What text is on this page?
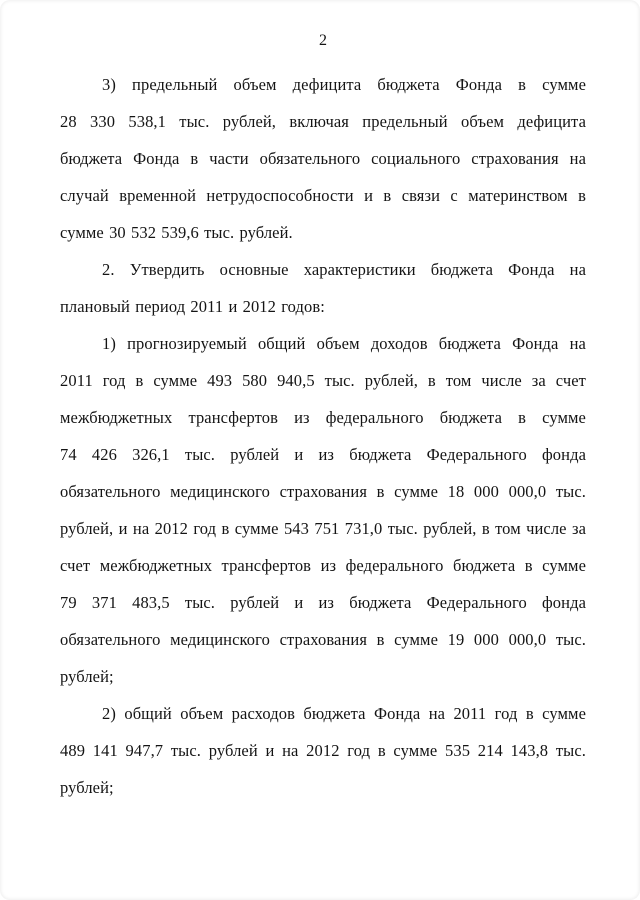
2

3) предельный объем дефицита бюджета Фонда в сумме 28 330 538,1 тыс. рублей, включая предельный объем дефицита бюджета Фонда в части обязательного социального страхования на случай временной нетрудоспособности и в связи с материнством в сумме 30 532 539,6 тыс. рублей.

2. Утвердить основные характеристики бюджета Фонда на плановый период 2011 и 2012 годов:

1) прогнозируемый общий объем доходов бюджета Фонда на 2011 год в сумме 493 580 940,5 тыс. рублей, в том числе за счет межбюджетных трансфертов из федерального бюджета в сумме 74 426 326,1 тыс. рублей и из бюджета Федерального фонда обязательного медицинского страхования в сумме 18 000 000,0 тыс. рублей, и на 2012 год в сумме 543 751 731,0 тыс. рублей, в том числе за счет межбюджетных трансфертов из федерального бюджета в сумме 79 371 483,5 тыс. рублей и из бюджета Федерального фонда обязательного медицинского страхования в сумме 19 000 000,0 тыс. рублей;

2) общий объем расходов бюджета Фонда на 2011 год в сумме 489 141 947,7 тыс. рублей и на 2012 год в сумме 535 214 143,8 тыс. рублей;
